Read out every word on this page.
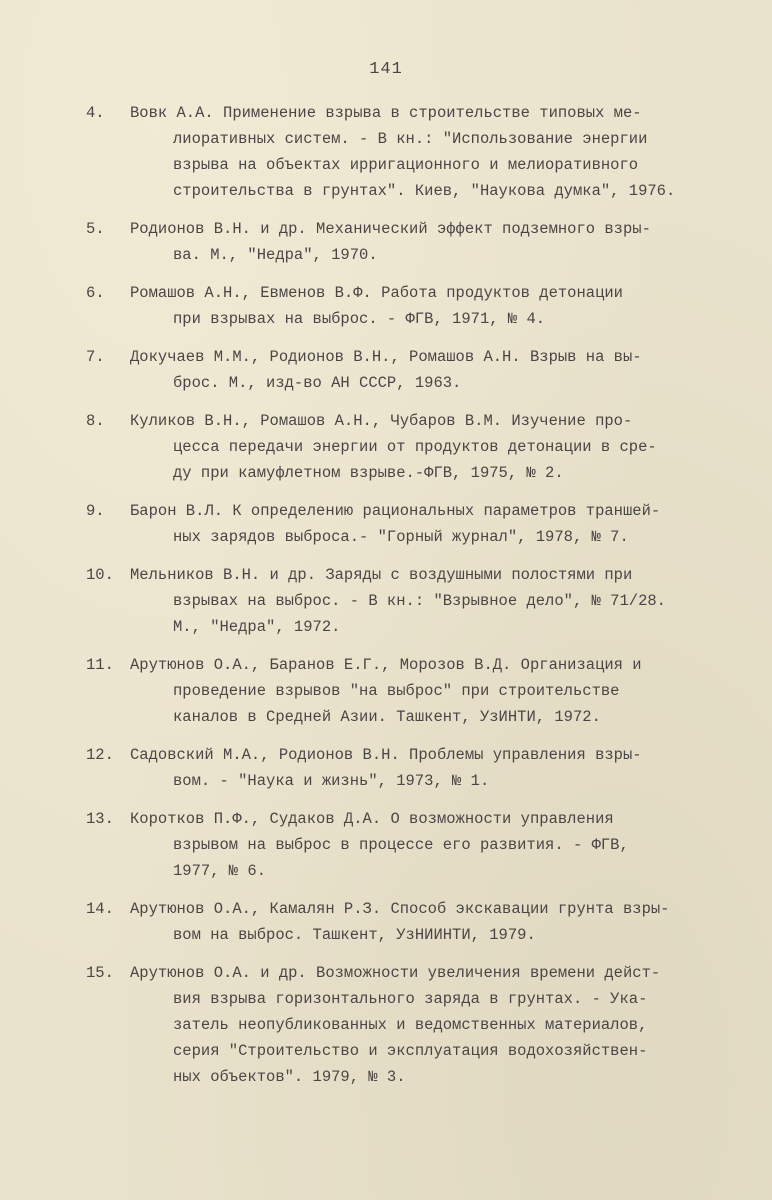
141
4.	Вовк А.А. Применение взрыва в строительстве типовых ме-
лиоративных систем. - В кн.: "Использование энергии
взрыва на объектах ирригационного и мелиоративного
строительства в грунтах". Киев, "Наукова думка", 1976.
5.	Родионов В.Н. и др. Механический эффект подземного взры-
ва. М., "Недра", 1970.
6.	Ромашов А.Н., Евменов В.Ф. Работа продуктов детонации
при взрывах на выброс. - ФГВ, 1971, № 4.
7.	Докучаев М.М., Родионов В.Н., Ромашов А.Н. Взрыв на вы-
брос. М., изд-во АН СССР, 1963.
8.	Куликов В.Н., Ромашов А.Н., Чубаров В.М. Изучение про-
цесса передачи энергии от продуктов детонации в сре-
ду при камуфлетном взрыве.-ФГВ, 1975, № 2.
9.	Барон В.Л. К определению рациональных параметров траншей-
ных зарядов выброса.- "Горный журнал", 1978, № 7.
10.	Мельников В.Н. и др. Заряды с воздушными полостями при
взрывах на выброс. - В кн.: "Взрывное дело", № 71/28.
М., "Недра", 1972.
11.	Арутюнов О.А., Баранов Е.Г., Морозов В.Д. Организация и
проведение взрывов "на выброс" при строительстве
каналов в Средней Азии. Ташкент, УзИНТИ, 1972.
12.	Садовский М.А., Родионов В.Н. Проблемы управления взры-
вом. - "Наука и жизнь", 1973, № 1.
13.	Коротков П.Ф., Судаков Д.А. О возможности управления
взрывом на выброс в процессе его развития. - ФГВ,
1977, № 6.
14.	Арутюнов О.А., Камалян Р.З. Способ экскавации грунта взры-
вом на выброс. Ташкент, УзНИИНТИ, 1979.
15.	Арутюнов О.А. и др. Возможности увеличения времени дейст-
вия взрыва горизонтального заряда в грунтах. - Ука-
затель неопубликованных и ведомственных материалов,
серия "Строительство и эксплуатация водохозяйствен-
ных объектов". 1979, № 3.
